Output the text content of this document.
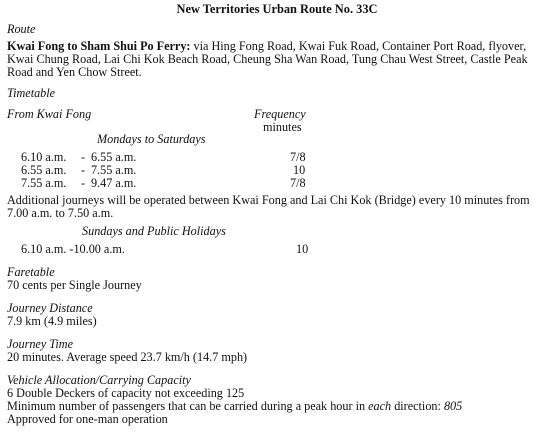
New Territories Urban Route No. 33C
Route
Kwai Fong to Sham Shui Po Ferry: via Hing Fong Road, Kwai Fuk Road, Container Port Road, flyover, Kwai Chung Road, Lai Chi Kok Beach Road, Cheung Sha Wan Road, Tung Chau West Street, Castle Peak Road and Yen Chow Street.
Timetable
From Kwai Fong	Frequency
minutes
Mondays to Saturdays
6.10 a.m. - 6.55 a.m.	7/8
6.55 a.m. - 7.55 a.m.	10
7.55 a.m. - 9.47 a.m.	7/8
Additional journeys will be operated between Kwai Fong and Lai Chi Kok (Bridge) every 10 minutes from 7.00 a.m. to 7.50 a.m.
Sundays and Public Holidays
6.10 a.m. -10.00 a.m.	10
Faretable
70 cents per Single Journey
Journey Distance
7.9 km (4.9 miles)
Journey Time
20 minutes. Average speed 23.7 km/h (14.7 mph)
Vehicle Allocation/Carrying Capacity
6 Double Deckers of capacity not exceeding 125
Minimum number of passengers that can be carried during a peak hour in each direction: 805
Approved for one-man operation
